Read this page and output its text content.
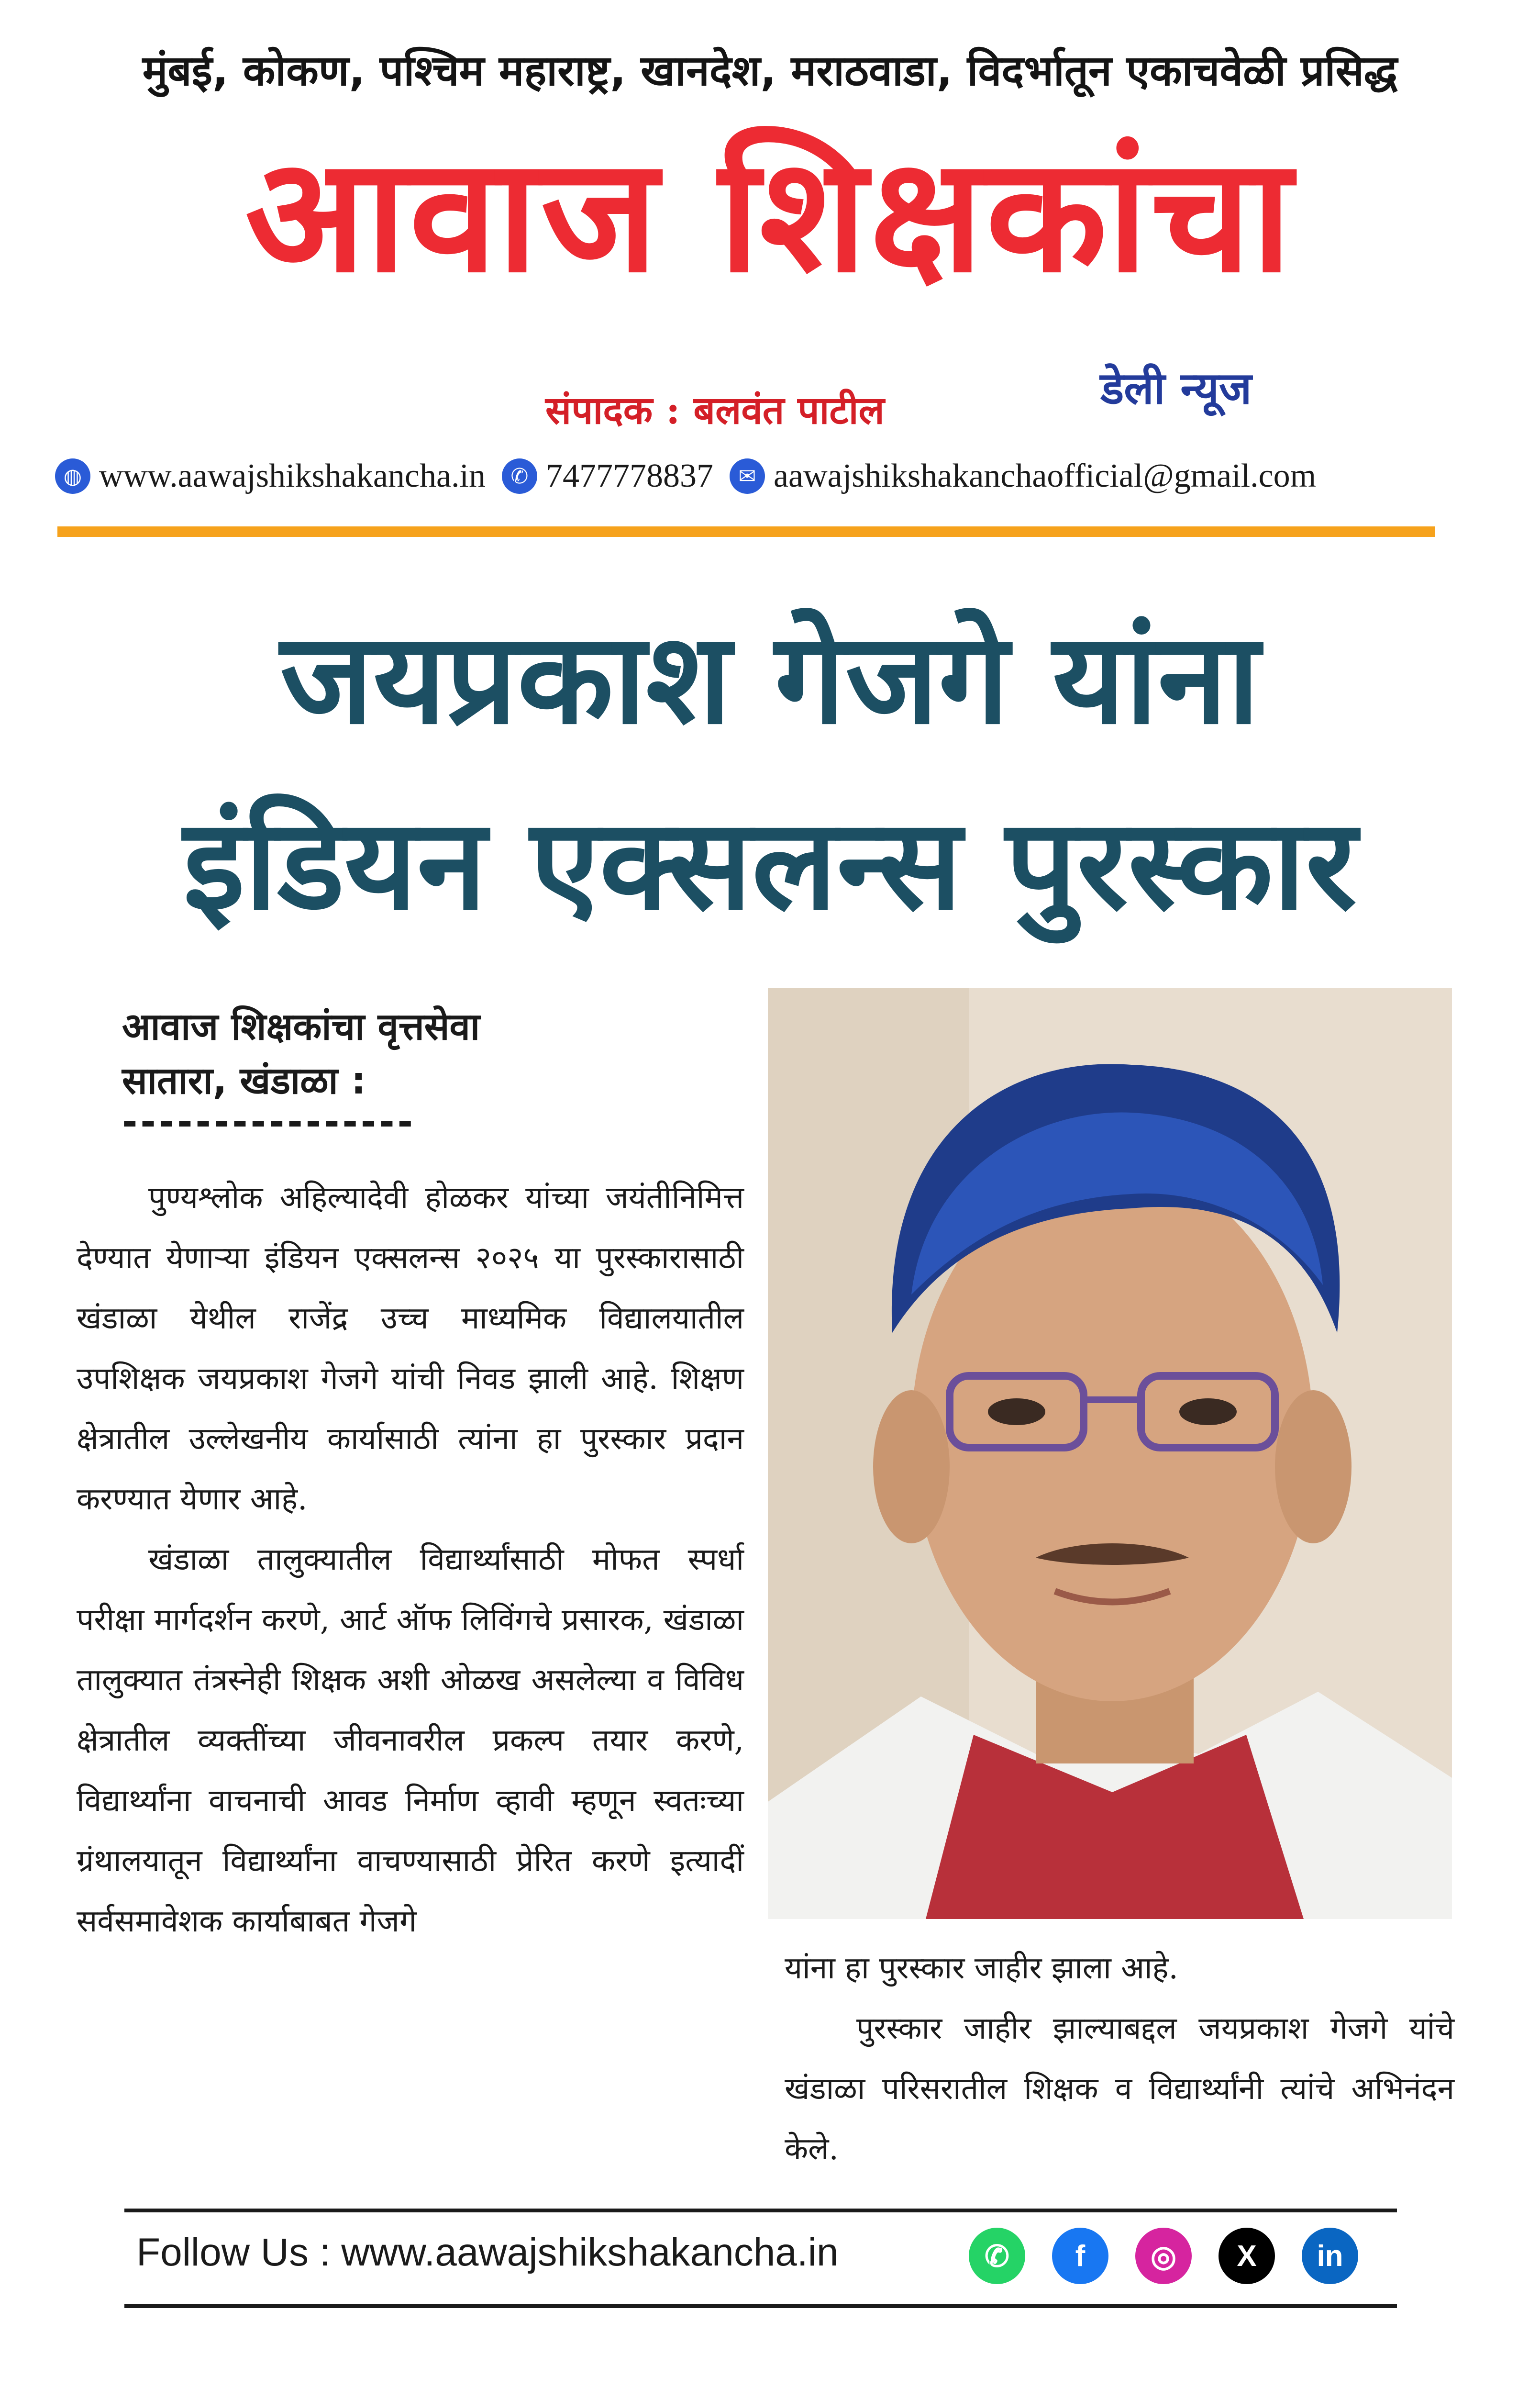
मुंबई, कोकण, पश्चिम महाराष्ट्र, खानदेश, मराठवाडा, विदर्भातून एकाचवेळी प्रसिद्ध
आवाज शिक्षकांचा
संपादक : बलवंत पाटील	डेली न्यूज
◍ www.aawajshikshakancha.in	✆ 7477778837	✉ aawajshikshakanchaofficial@gmail.com
जयप्रकाश गेजगे यांना
इंडियन एक्सलन्स पुरस्कार
आवाज शिक्षकांचा वृत्तसेवा
सातारा, खंडाळा :
----------------

पुण्यश्लोक अहिल्यादेवी होळकर यांच्या जयंतीनिमित्त देण्यात येणाऱ्या इंडियन एक्सलन्स २०२५ या पुरस्कारासाठी खंडाळा येथील राजेंद्र उच्च माध्यमिक विद्यालयातील उपशिक्षक जयप्रकाश गेजगे यांची निवड झाली आहे. शिक्षण क्षेत्रातील उल्लेखनीय कार्यासाठी त्यांना हा पुरस्कार प्रदान करण्यात येणार आहे.

खंडाळा तालुक्यातील विद्यार्थ्यांसाठी मोफत स्पर्धा परीक्षा मार्गदर्शन करणे, आर्ट ऑफ लिविंगचे प्रसारक, खंडाळा तालुक्यात तंत्रस्नेही शिक्षक अशी ओळख असलेल्या व विविध क्षेत्रातील व्यक्तींच्या जीवनावरील प्रकल्प तयार करणे, विद्यार्थ्यांना वाचनाची आवड निर्माण व्हावी म्हणून स्वतःच्या ग्रंथालयातून विद्यार्थ्यांना वाचण्यासाठी प्रेरित करणे इत्यादीं सर्वसमावेशक कार्याबाबत गेजगे

यांना हा पुरस्कार जाहीर झाला आहे.

पुरस्कार जाहीर झाल्याबद्दल जयप्रकाश गेजगे यांचे खंडाळा परिसरातील शिक्षक व विद्यार्थ्यांनी त्यांचे अभिनंदन केले.

Follow Us : www.aawajshikshakancha.in	✆	f	◎	X	in
